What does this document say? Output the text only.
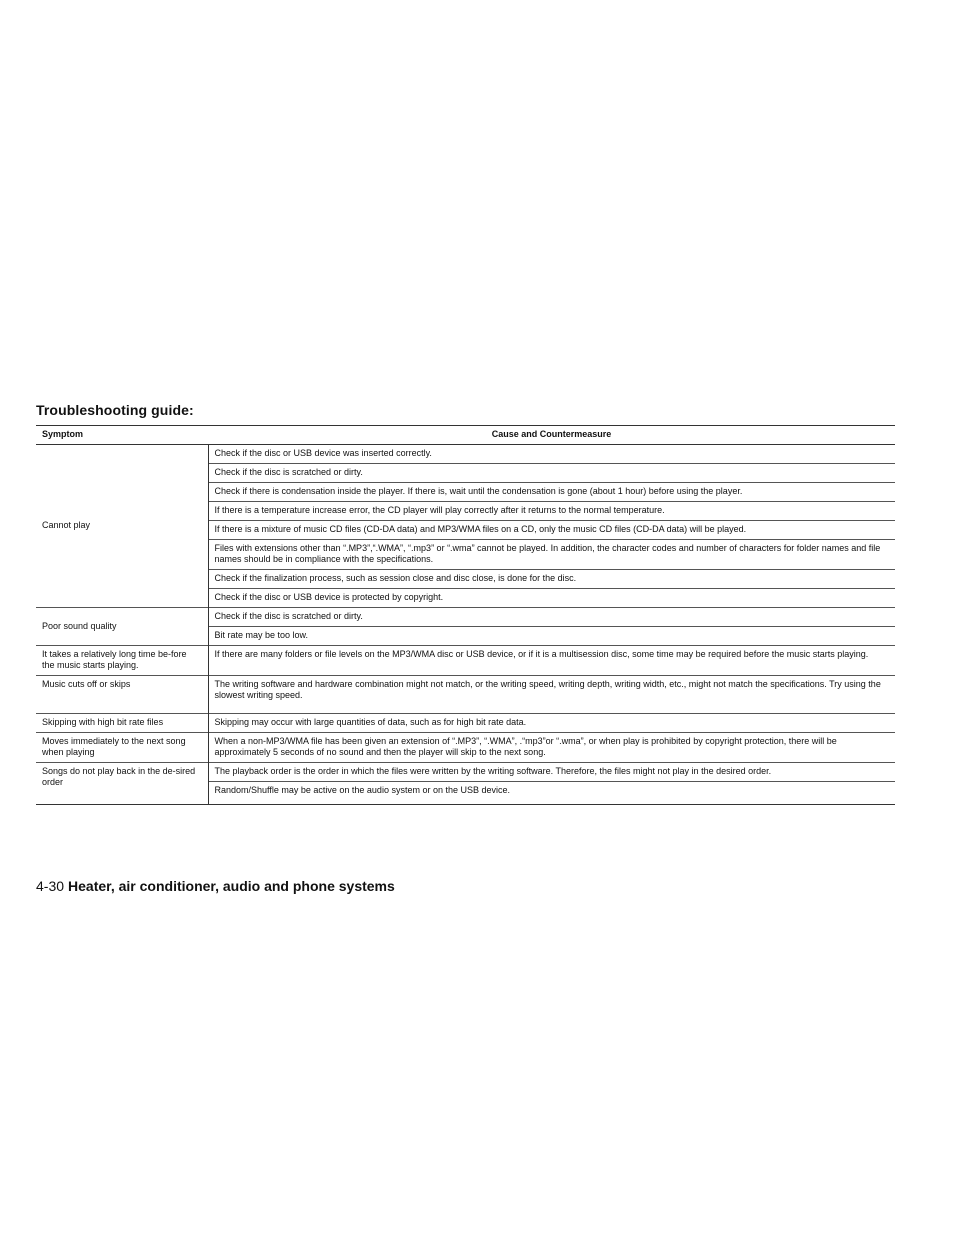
Troubleshooting guide:
Symptom	Cause and Countermeasure
Cannot play	Check if the disc or USB device was inserted correctly.
	Check if the disc is scratched or dirty.
	Check if there is condensation inside the player. If there is, wait until the condensation is gone (about 1 hour) before using the player.
	If there is a temperature increase error, the CD player will play correctly after it returns to the normal temperature.
	If there is a mixture of music CD files (CD-DA data) and MP3/WMA files on a CD, only the music CD files (CD-DA data) will be played.
	Files with extensions other than “.MP3”,“.WMA”, “.mp3” or “.wma” cannot be played. In addition, the character codes and number of characters for folder names and file names should be in compliance with the specifications.
	Check if the finalization process, such as session close and disc close, is done for the disc.
	Check if the disc or USB device is protected by copyright.
Poor sound quality	Check if the disc is scratched or dirty.
	Bit rate may be too low.
It takes a relatively long time be-fore the music starts playing.	If there are many folders or file levels on the MP3/WMA disc or USB device, or if it is a multisession disc, some time may be required before the music starts playing.
Music cuts off or skips	The writing software and hardware combination might not match, or the writing speed, writing depth, writing width, etc., might not match the specifications. Try using the slowest writing speed.
Skipping with high bit rate files	Skipping may occur with large quantities of data, such as for high bit rate data.
Moves immediately to the next song when playing	When a non-MP3/WMA file has been given an extension of “.MP3”, “.WMA”, .“mp3”or “.wma”, or when play is prohibited by copyright protection, there will be approximately 5 seconds of no sound and then the player will skip to the next song.
Songs do not play back in the de-sired order	The playback order is the order in which the files were written by the writing software. Therefore, the files might not play in the desired order.
	Random/Shuffle may be active on the audio system or on the USB device.
4-30 Heater, air conditioner, audio and phone systems
